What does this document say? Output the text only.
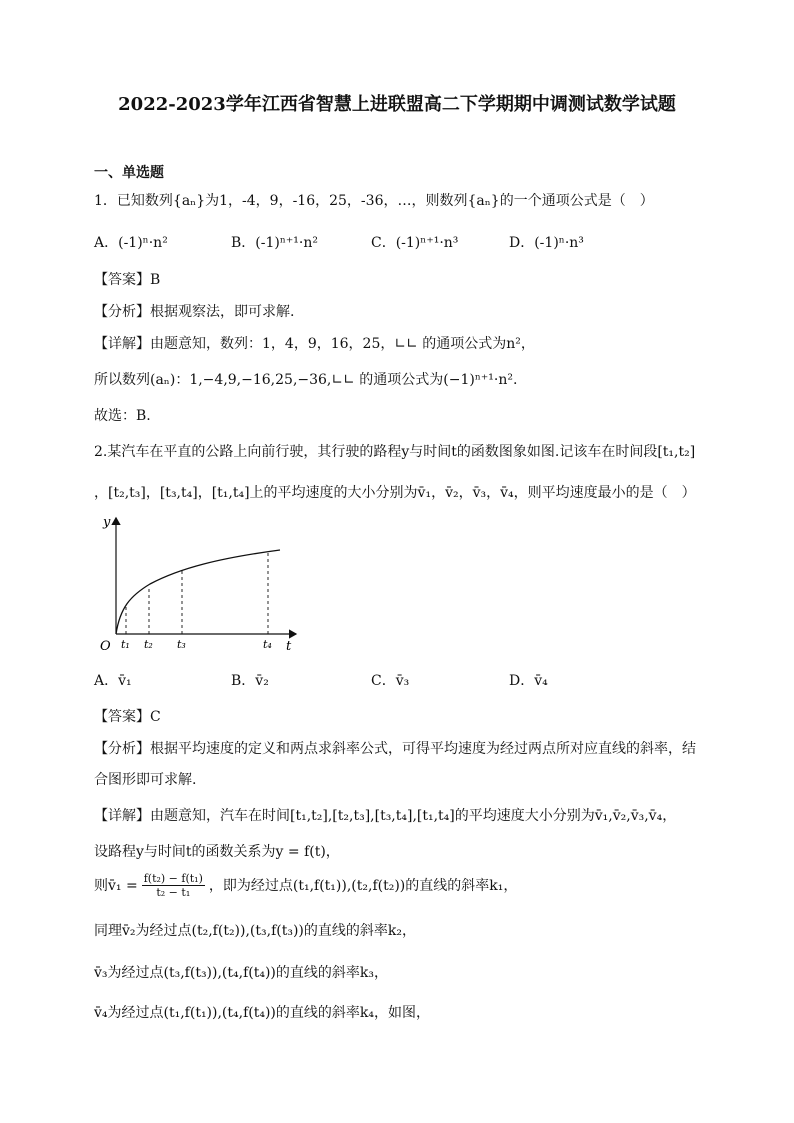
2022-2023学年江西省智慧上进联盟高二下学期期中调测试数学试题
一、单选题
1．已知数列{aₙ}为1，-4，9，-16，25，-36，…，则数列{aₙ}的一个通项公式是（　）
A．(-1)ⁿ·n²	B．(-1)ⁿ⁺¹·n²	C．(-1)ⁿ⁺¹·n³	D．(-1)ⁿ·n³
【答案】B
【分析】根据观察法，即可求解.
【详解】由题意知，数列：1，4，9，16，25，∟∟ 的通项公式为n²，
所以数列(aₙ)：1,−4,9,−16,25,−36,∟∟ 的通项公式为(−1)ⁿ⁺¹·n².
故选：B.
2.某汽车在平直的公路上向前行驶，其行驶的路程y与时间t的函数图象如图.记该车在时间段[t₁,t₂]
，[t₂,t₃]，[t₃,t₄]，[t₁,t₄]上的平均速度的大小分别为v̄₁，v̄₂，v̄₃，v̄₄，则平均速度最小的是（　）
y
t
O t₁ t₂ t₃	t₄
A．v̄₁	B．v̄₂	C．v̄₃	D．v̄₄
【答案】C
【分析】根据平均速度的定义和两点求斜率公式，可得平均速度为经过两点所对应直线的斜率，结
合图形即可求解.
【详解】由题意知，汽车在时间[t₁,t₂],[t₂,t₃],[t₃,t₄],[t₁,t₄]的平均速度大小分别为v̄₁,v̄₂,v̄₃,v̄₄，
设路程y与时间t的函数关系为y = f(t)，
则v̄₁ = $\frac{\text{f(t₂) − f(t₁)}}{\text{t₂ − t₁}}$ ，即为经过点(t₁,f(t₁)),(t₂,f(t₂))的直线的斜率k₁，
同理v̄₂为经过点(t₂,f(t₂)),(t₃,f(t₃))的直线的斜率k₂，
v̄₃为经过点(t₃,f(t₃)),(t₄,f(t₄))的直线的斜率k₃，
v̄₄为经过点(t₁,f(t₁)),(t₄,f(t₄))的直线的斜率k₄，如图，
